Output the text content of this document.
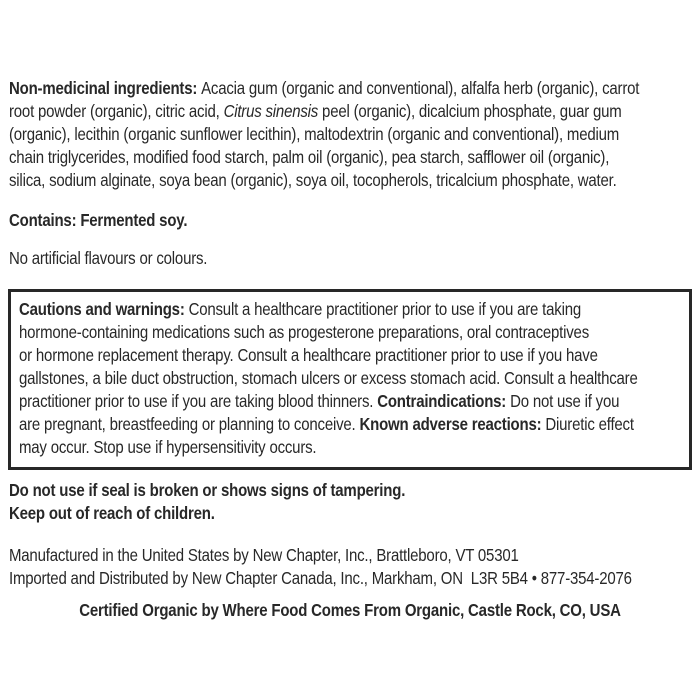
Non-medicinal ingredients: Acacia gum (organic and conventional), alfalfa herb (organic), carrot
root powder (organic), citric acid, Citrus sinensis peel (organic), dicalcium phosphate, guar gum
(organic), lecithin (organic sunflower lecithin), maltodextrin (organic and conventional), medium
chain triglycerides, modified food starch, palm oil (organic), pea starch, safflower oil (organic),
silica, sodium alginate, soya bean (organic), soya oil, tocopherols, tricalcium phosphate, water.
Contains: Fermented soy.
No artificial flavours or colours.
Cautions and warnings: Consult a healthcare practitioner prior to use if you are taking
hormone-containing medications such as progesterone preparations, oral contraceptives
or hormone replacement therapy. Consult a healthcare practitioner prior to use if you have
gallstones, a bile duct obstruction, stomach ulcers or excess stomach acid. Consult a healthcare
practitioner prior to use if you are taking blood thinners. Contraindications: Do not use if you
are pregnant, breastfeeding or planning to conceive. Known adverse reactions: Diuretic effect
may occur. Stop use if hypersensitivity occurs.
Do not use if seal is broken or shows signs of tampering.
Keep out of reach of children.
Manufactured in the United States by New Chapter, Inc., Brattleboro, VT 05301
Imported and Distributed by New Chapter Canada, Inc., Markham, ON  L3R 5B4 • 877-354-2076
Certified Organic by Where Food Comes From Organic, Castle Rock, CO, USA
